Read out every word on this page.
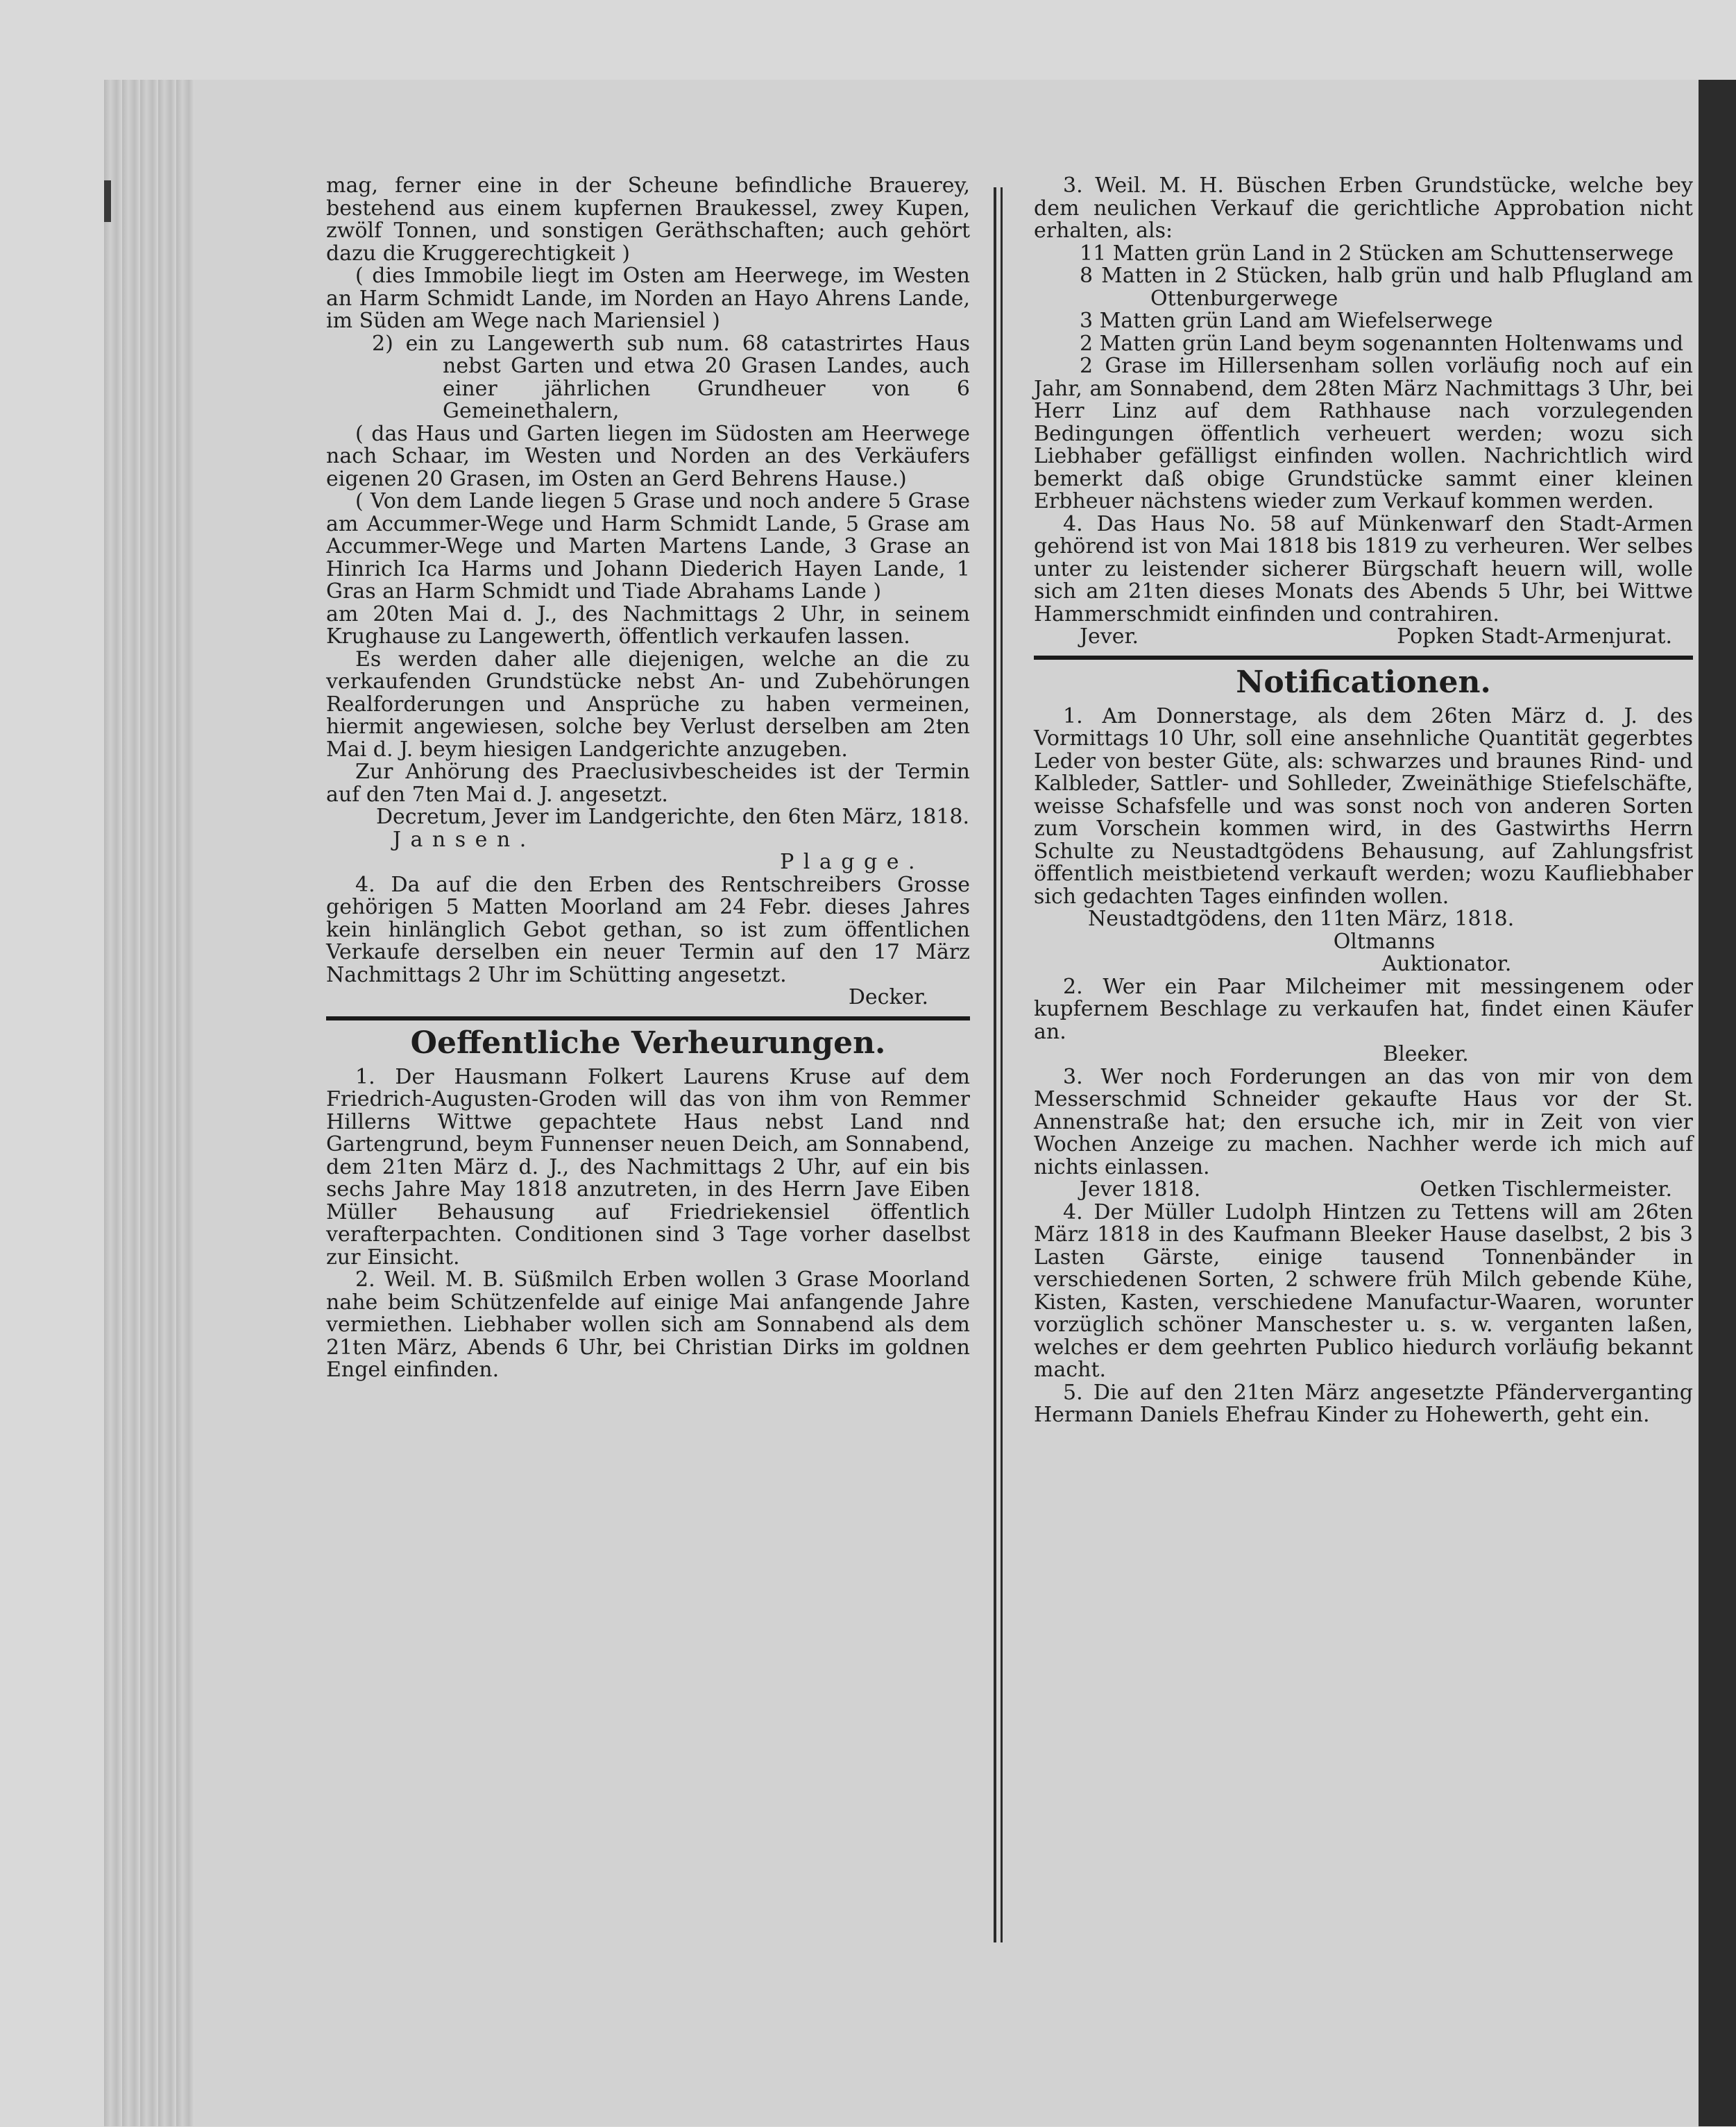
mag, ferner eine in der Scheune befindliche Brauerey, bestehend aus einem kupfernen Braukessel, zwey Kupen, zwölf Tonnen, und sonstigen Geräthschaften; auch gehört dazu die Kruggerechtigkeit )

( dies Immobile liegt im Osten am Heerwege, im Westen an Harm Schmidt Lande, im Norden an Hayo Ahrens Lande, im Süden am Wege nach Mariensiel )

2) ein zu Langewerth sub num. 68 catastrirtes Haus nebst Garten und etwa 20 Grasen Landes, auch einer jährlichen Grundheuer von 6 Gemeinethalern,

( das Haus und Garten liegen im Südosten am Heerwege nach Schaar, im Westen und Norden an des Verkäufers eigenen 20 Grasen, im Osten an Gerd Behrens Hause.)

( Von dem Lande liegen 5 Grase und noch andere 5 Grase am Accummer-Wege und Harm Schmidt Lande, 5 Grase am Accummer-Wege und Marten Martens Lande, 3 Grase an Hinrich Ica Harms und Johann Diederich Hayen Lande, 1 Gras an Harm Schmidt und Tiade Abrahams Lande )

am 20ten Mai d. J., des Nachmittags 2 Uhr, in seinem Krughause zu Langewerth, öffentlich verkaufen lassen.

Es werden daher alle diejenigen, welche an die zu verkaufenden Grundstücke nebst An- und Zubehörungen Realforderungen und Ansprüche zu haben vermeinen, hiermit angewiesen, solche bey Verlust derselben am 2ten Mai d. J. beym hiesigen Landgerichte anzugeben.

Zur Anhörung des Praeclusivbescheides ist der Termin auf den 7ten Mai d. J. angesetzt.

Decretum, Jever im Landgerichte, den 6ten März, 1818.

Jansen.

Plagge.

4. Da auf die den Erben des Rentschreibers Grosse gehörigen 5 Matten Moorland am 24 Febr. dieses Jahres kein hinlänglich Gebot gethan, so ist zum öffentlichen Verkaufe derselben ein neuer Termin auf den 17 März Nachmittags 2 Uhr im Schütting angesetzt.

Decker.

Oeffentliche Verheurungen.

1. Der Hausmann Folkert Laurens Kruse auf dem Friedrich-Augusten-Groden will das von ihm von Remmer Hillerns Wittwe gepachtete Haus nebst Land nnd Gartengrund, beym Funnenser neuen Deich, am Sonnabend, dem 21ten März d. J., des Nachmittags 2 Uhr, auf ein bis sechs Jahre May 1818 anzutreten, in des Herrn Jave Eiben Müller Behausung auf Friedriekensiel öffentlich verafterpachten. Conditionen sind 3 Tage vorher daselbst zur Einsicht.

2. Weil. M. B. Süßmilch Erben wollen 3 Grase Moorland nahe beim Schützenfelde auf einige Mai anfangende Jahre vermiethen. Liebhaber wollen sich am Sonnabend als dem 21ten März, Abends 6 Uhr, bei Christian Dirks im goldnen Engel einfinden.

3. Weil. M. H. Büschen Erben Grundstücke, welche bey dem neulichen Verkauf die gerichtliche Approbation nicht erhalten, als:

11 Matten grün Land in 2 Stücken am Schuttenserwege

8 Matten in 2 Stücken, halb grün und halb Pflugland am Ottenburgerwege

3 Matten grün Land am Wiefelserwege

2 Matten grün Land beym sogenannten Holtenwams und

2 Grase im Hillersenham sollen vorläufig noch auf ein Jahr, am Sonnabend, dem 28ten März Nachmittags 3 Uhr, bei Herr Linz auf dem Rathhause nach vorzulegenden Bedingungen öffentlich verheuert werden; wozu sich Liebhaber gefälligst einfinden wollen. Nachrichtlich wird bemerkt daß obige Grundstücke sammt einer kleinen Erbheuer nächstens wieder zum Verkauf kommen werden.

4. Das Haus No. 58 auf Münkenwarf den Stadt-Armen gehörend ist von Mai 1818 bis 1819 zu verheuren. Wer selbes unter zu leistender sicherer Bürgschaft heuern will, wolle sich am 21ten dieses Monats des Abends 5 Uhr, bei Wittwe Hammerschmidt einfinden und contrahiren.

Jever.	Popken Stadt-Armenjurat.

Notificationen.

1. Am Donnerstage, als dem 26ten März d. J. des Vormittags 10 Uhr, soll eine ansehnliche Quantität gegerbtes Leder von bester Güte, als: schwarzes und braunes Rind- und Kalbleder, Sattler- und Sohlleder, Zweinäthige Stiefelschäfte, weisse Schafsfelle und was sonst noch von anderen Sorten zum Vorschein kommen wird, in des Gastwirths Herrn Schulte zu Neustadtgödens Behausung, auf Zahlungsfrist öffentlich meistbietend verkauft werden; wozu Kaufliebhaber sich gedachten Tages einfinden wollen.

Neustadtgödens, den 11ten März, 1818.

Oltmanns

Auktionator.

2. Wer ein Paar Milcheimer mit messingenem oder kupfernem Beschlage zu verkaufen hat, findet einen Käufer an.

Bleeker.

3. Wer noch Forderungen an das von mir von dem Messerschmid Schneider gekaufte Haus vor der St. Annenstraße hat; den ersuche ich, mir in Zeit von vier Wochen Anzeige zu machen. Nachher werde ich mich auf nichts einlassen.

Jever 1818.	Oetken Tischlermeister.

4. Der Müller Ludolph Hintzen zu Tettens will am 26ten März 1818 in des Kaufmann Bleeker Hause daselbst, 2 bis 3 Lasten Gärste, einige tausend Tonnenbänder in verschiedenen Sorten, 2 schwere früh Milch gebende Kühe, Kisten, Kasten, verschiedene Manufactur-Waaren, worunter vorzüglich schöner Manschester u. s. w. verganten laßen, welches er dem geehrten Publico hiedurch vorläufig bekannt macht.

5. Die auf den 21ten März angesetzte Pfänderverganting Hermann Daniels Ehefrau Kinder zu Hohewerth, geht ein.
